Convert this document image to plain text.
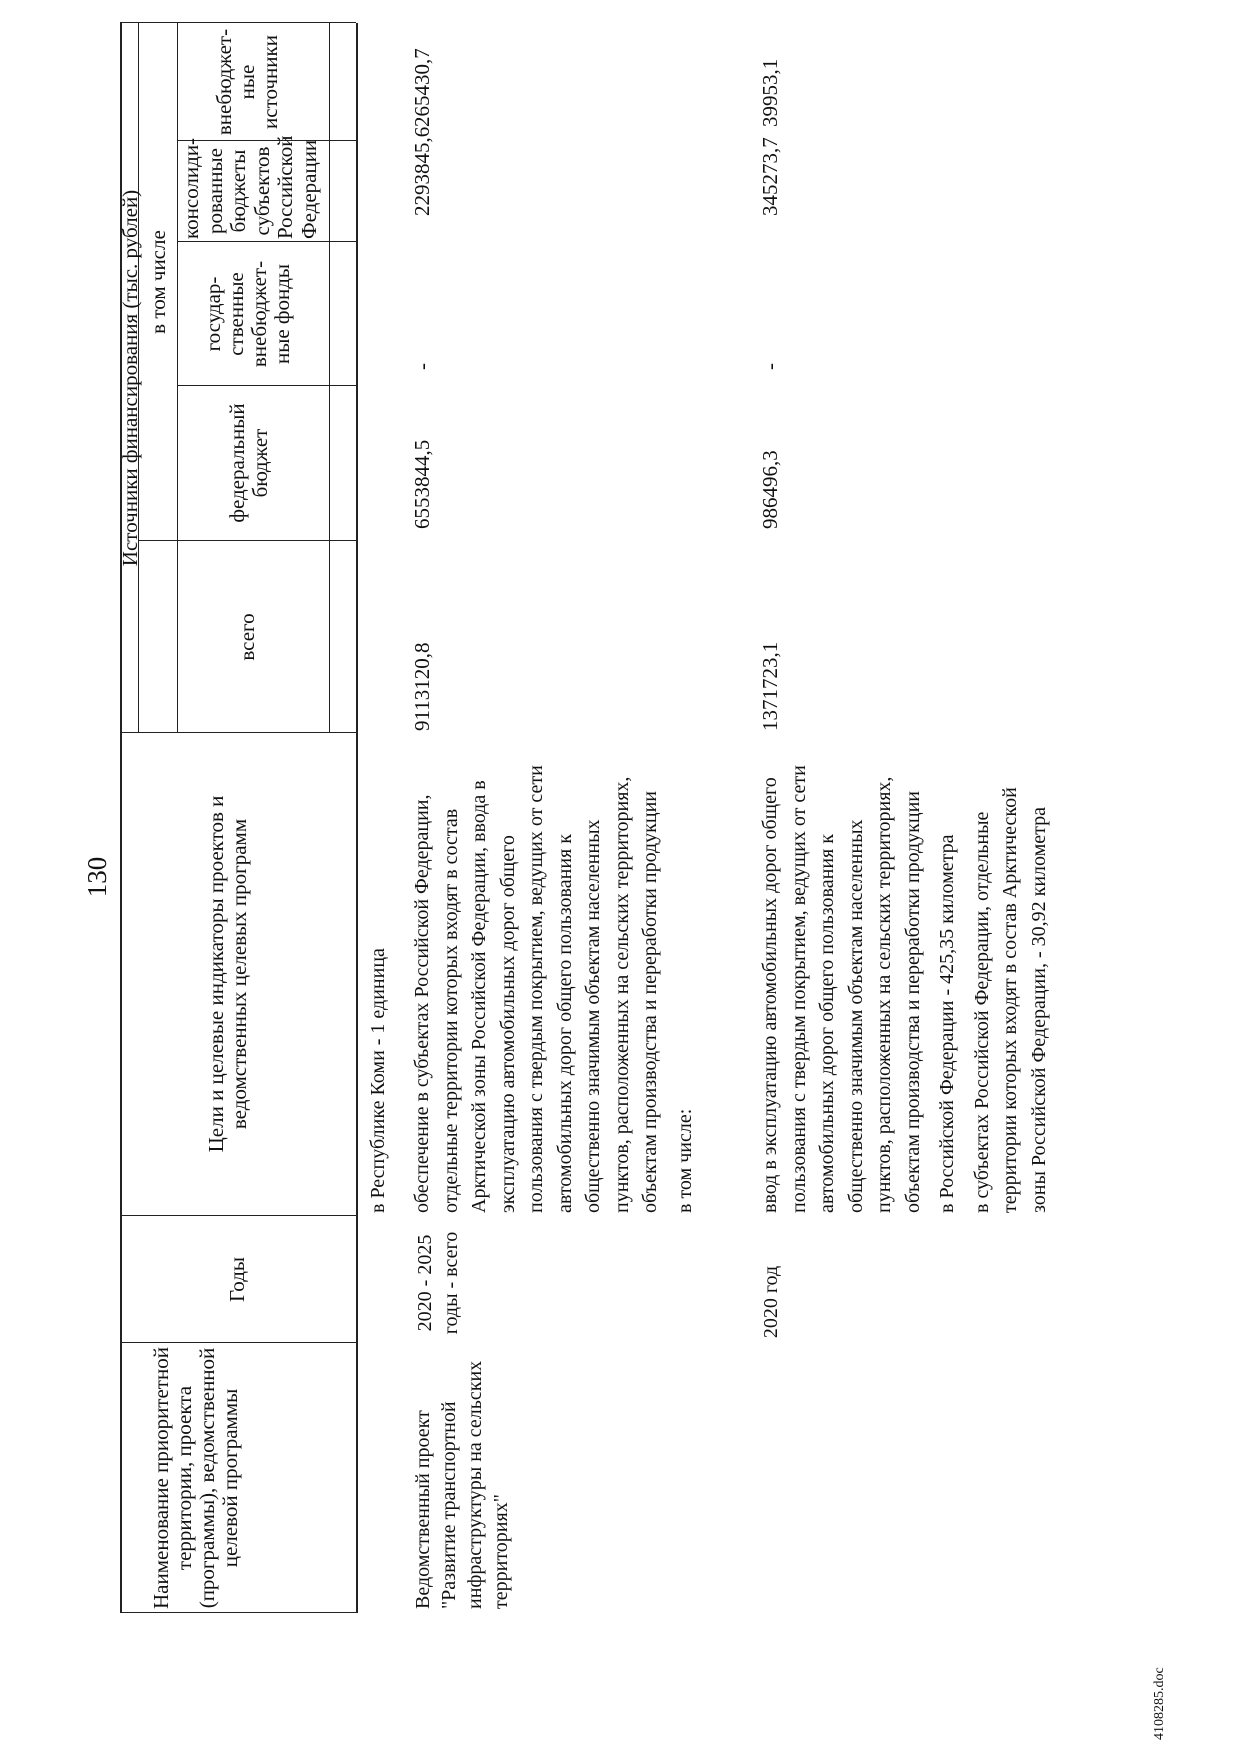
130
Наименование приоритетной территории, проекта (программы), ведомственной целевой программы
Годы
Цели и целевые индикаторы проектов и ведомственных целевых программ
Источники финансирования (тыс. рублей)
всего
в том числе
федеральный бюджет
государ-ственные внебюджет-ные фонды
консолиди-рованные бюджеты субъектов Российской Федерации
внебюджет-ные источники
в Республике Коми - 1 единица
Ведомственный проект "Развитие транспортной инфраструктуры на сельских территориях"
2020 - 2025 годы - всего

обеспечение в субъектах Российской Федерации, отдельные территории которых входят в состав Арктической зоны Российской Федерации, ввода в эксплуатацию автомобильных дорог общего пользования с твердым покрытием, ведущих от сети автомобильных дорог общего пользования к общественно значимым объектам населенных пунктов, расположенных на сельских территориях, объектам производства и переработки продукции в том числе:

9113120,8
6553844,5
-
2293845,6
265430,7
2020 год

ввод в эксплуатацию автомобильных дорог общего пользования с твердым покрытием, ведущих от сети автомобильных дорог общего пользования к общественно значимым объектам населенных пунктов, расположенных на сельских территориях, объектам производства и переработки продукции в Российской Федерации - 425,35 километра в субъектах Российской Федерации, отдельные территории которых входят в состав Арктической зоны Российской Федерации, - 30,92 километра

1371723,1
986496,3
-
345273,7
39953,1
4108285.doc
